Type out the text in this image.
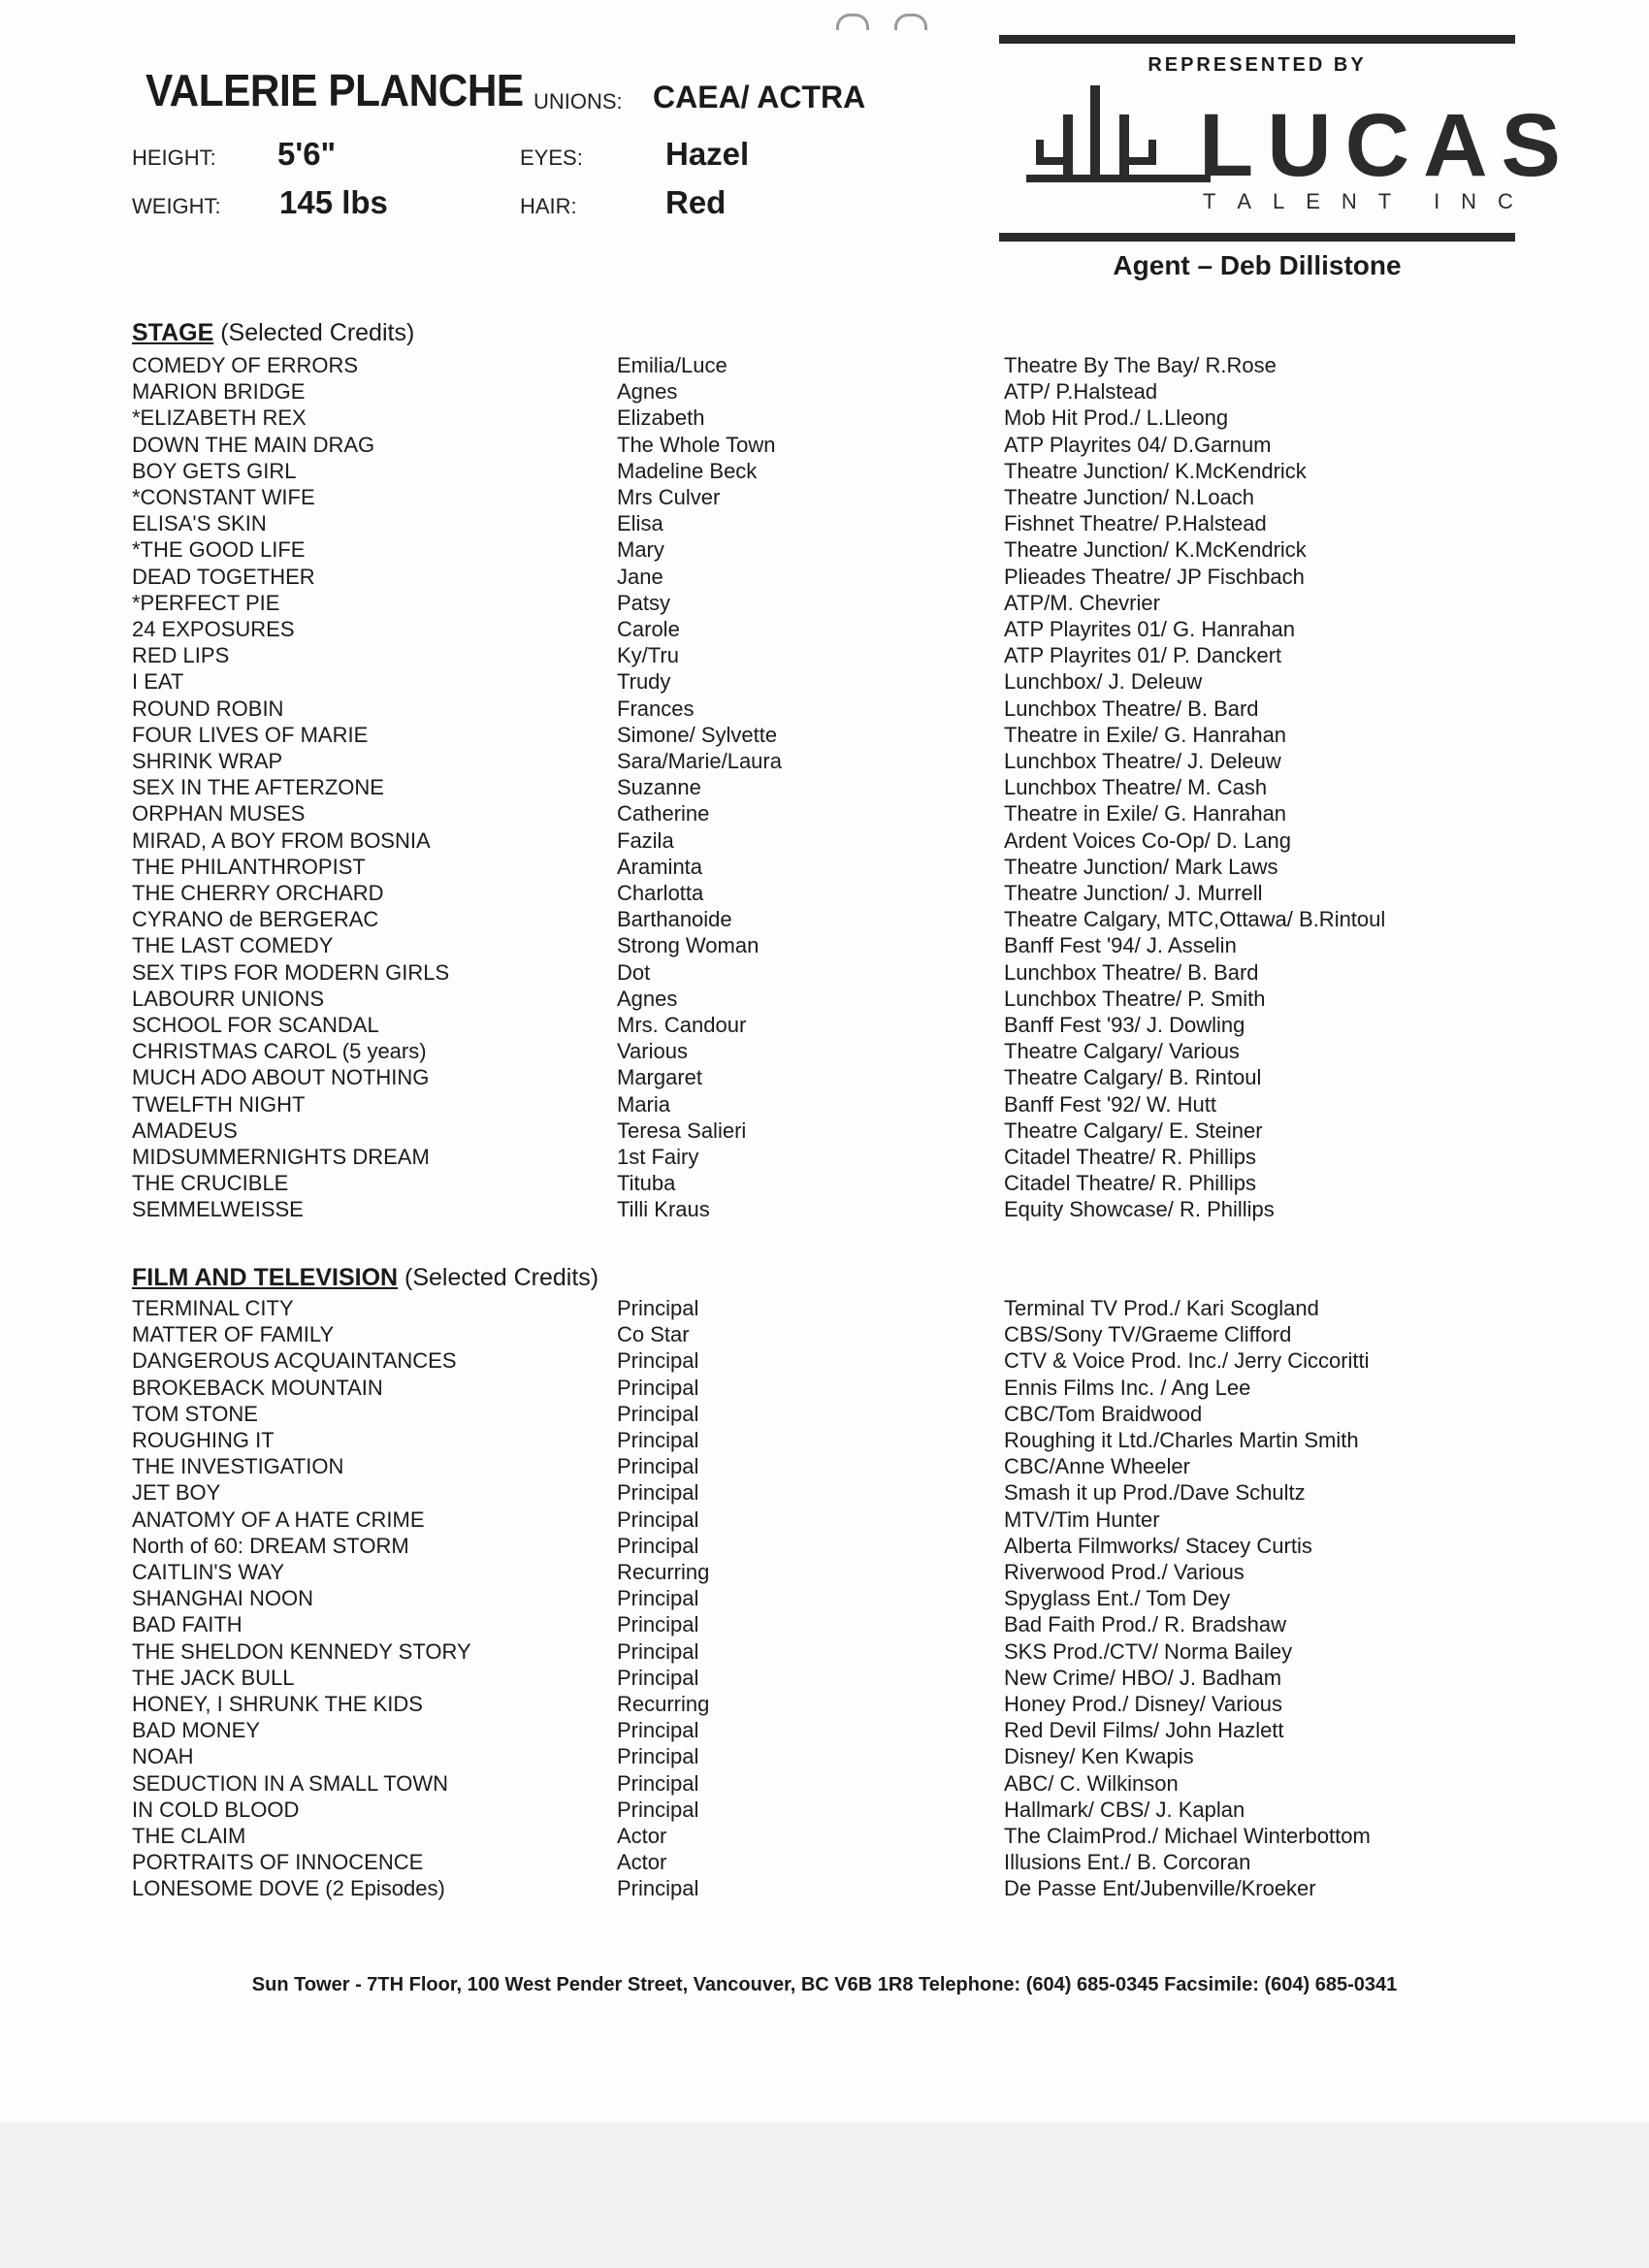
VALERIE PLANCHE UNIONS: CAEA/ ACTRA
HEIGHT: 5'6"	EYES:	Hazel
WEIGHT: 145 lbs	HAIR:	Red
REPRESENTED BY
LUCAS
T A L E N T I N C
Agent – Deb Dillistone
STAGE (Selected Credits)
COMEDY OF ERRORS	Emilia/Luce	Theatre By The Bay/ R.Rose
MARION BRIDGE	Agnes	ATP/ P.Halstead
*ELIZABETH REX	Elizabeth	Mob Hit Prod./ L.Lleong
DOWN THE MAIN DRAG	The Whole Town	ATP Playrites 04/ D.Garnum
BOY GETS GIRL	Madeline Beck	Theatre Junction/ K.McKendrick
*CONSTANT WIFE	Mrs Culver	Theatre Junction/ N.Loach
ELISA'S SKIN	Elisa	Fishnet Theatre/ P.Halstead
*THE GOOD LIFE	Mary	Theatre Junction/ K.McKendrick
DEAD TOGETHER	Jane	Plieades Theatre/ JP Fischbach
*PERFECT PIE	Patsy	ATP/M. Chevrier
24 EXPOSURES	Carole	ATP Playrites 01/ G. Hanrahan
RED LIPS	Ky/Tru	ATP Playrites 01/ P. Danckert
I EAT	Trudy	Lunchbox/ J. Deleuw
ROUND ROBIN	Frances	Lunchbox Theatre/ B. Bard
FOUR LIVES OF MARIE	Simone/ Sylvette	Theatre in Exile/ G. Hanrahan
SHRINK WRAP	Sara/Marie/Laura	Lunchbox Theatre/ J. Deleuw
SEX IN THE AFTERZONE	Suzanne	Lunchbox Theatre/ M. Cash
ORPHAN MUSES	Catherine	Theatre in Exile/ G. Hanrahan
MIRAD, A BOY FROM BOSNIA	Fazila	Ardent Voices Co-Op/ D. Lang
THE PHILANTHROPIST	Araminta	Theatre Junction/ Mark Laws
THE CHERRY ORCHARD	Charlotta	Theatre Junction/ J. Murrell
CYRANO de BERGERAC	Barthanoide	Theatre Calgary, MTC,Ottawa/ B.Rintoul
THE LAST COMEDY	Strong Woman	Banff Fest '94/ J. Asselin
SEX TIPS FOR MODERN GIRLS	Dot	Lunchbox Theatre/ B. Bard
LABOURR UNIONS	Agnes	Lunchbox Theatre/ P. Smith
SCHOOL FOR SCANDAL	Mrs. Candour	Banff Fest '93/ J. Dowling
CHRISTMAS CAROL (5 years)	Various	Theatre Calgary/ Various
MUCH ADO ABOUT NOTHING	Margaret	Theatre Calgary/ B. Rintoul
TWELFTH NIGHT	Maria	Banff Fest '92/ W. Hutt
AMADEUS	Teresa Salieri	Theatre Calgary/ E. Steiner
MIDSUMMERNIGHTS DREAM	1st Fairy	Citadel Theatre/ R. Phillips
THE CRUCIBLE	Tituba	Citadel Theatre/ R. Phillips
SEMMELWEISSE	Tilli Kraus	Equity Showcase/ R. Phillips
FILM AND TELEVISION (Selected Credits)
TERMINAL CITY	Principal	Terminal TV Prod./ Kari Scogland
MATTER OF FAMILY	Co Star	CBS/Sony TV/Graeme Clifford
DANGEROUS ACQUAINTANCES	Principal	CTV & Voice Prod. Inc./ Jerry Ciccoritti
BROKEBACK MOUNTAIN	Principal	Ennis Films Inc. / Ang Lee
TOM STONE	Principal	CBC/Tom Braidwood
ROUGHING IT	Principal	Roughing it Ltd./Charles Martin Smith
THE INVESTIGATION	Principal	CBC/Anne Wheeler
JET BOY	Principal	Smash it up Prod./Dave Schultz
ANATOMY OF A HATE CRIME	Principal	MTV/Tim Hunter
North of 60: DREAM STORM	Principal	Alberta Filmworks/ Stacey Curtis
CAITLIN'S WAY	Recurring	Riverwood Prod./ Various
SHANGHAI NOON	Principal	Spyglass Ent./ Tom Dey
BAD FAITH	Principal	Bad Faith Prod./ R. Bradshaw
THE SHELDON KENNEDY STORY	Principal	SKS Prod./CTV/ Norma Bailey
THE JACK BULL	Principal	New Crime/ HBO/ J. Badham
HONEY, I SHRUNK THE KIDS	Recurring	Honey Prod./ Disney/ Various
BAD MONEY	Principal	Red Devil Films/ John Hazlett
NOAH	Principal	Disney/ Ken Kwapis
SEDUCTION IN A SMALL TOWN	Principal	ABC/ C. Wilkinson
IN COLD BLOOD	Principal	Hallmark/ CBS/ J. Kaplan
THE CLAIM	Actor	The ClaimProd./ Michael Winterbottom
PORTRAITS OF INNOCENCE	Actor	Illusions Ent./ B. Corcoran
LONESOME DOVE (2 Episodes)	Principal	De Passe Ent/Jubenville/Kroeker
Sun Tower - 7TH Floor, 100 West Pender Street, Vancouver, BC V6B 1R8 Telephone: (604) 685-0345 Facsimile: (604) 685-0341
